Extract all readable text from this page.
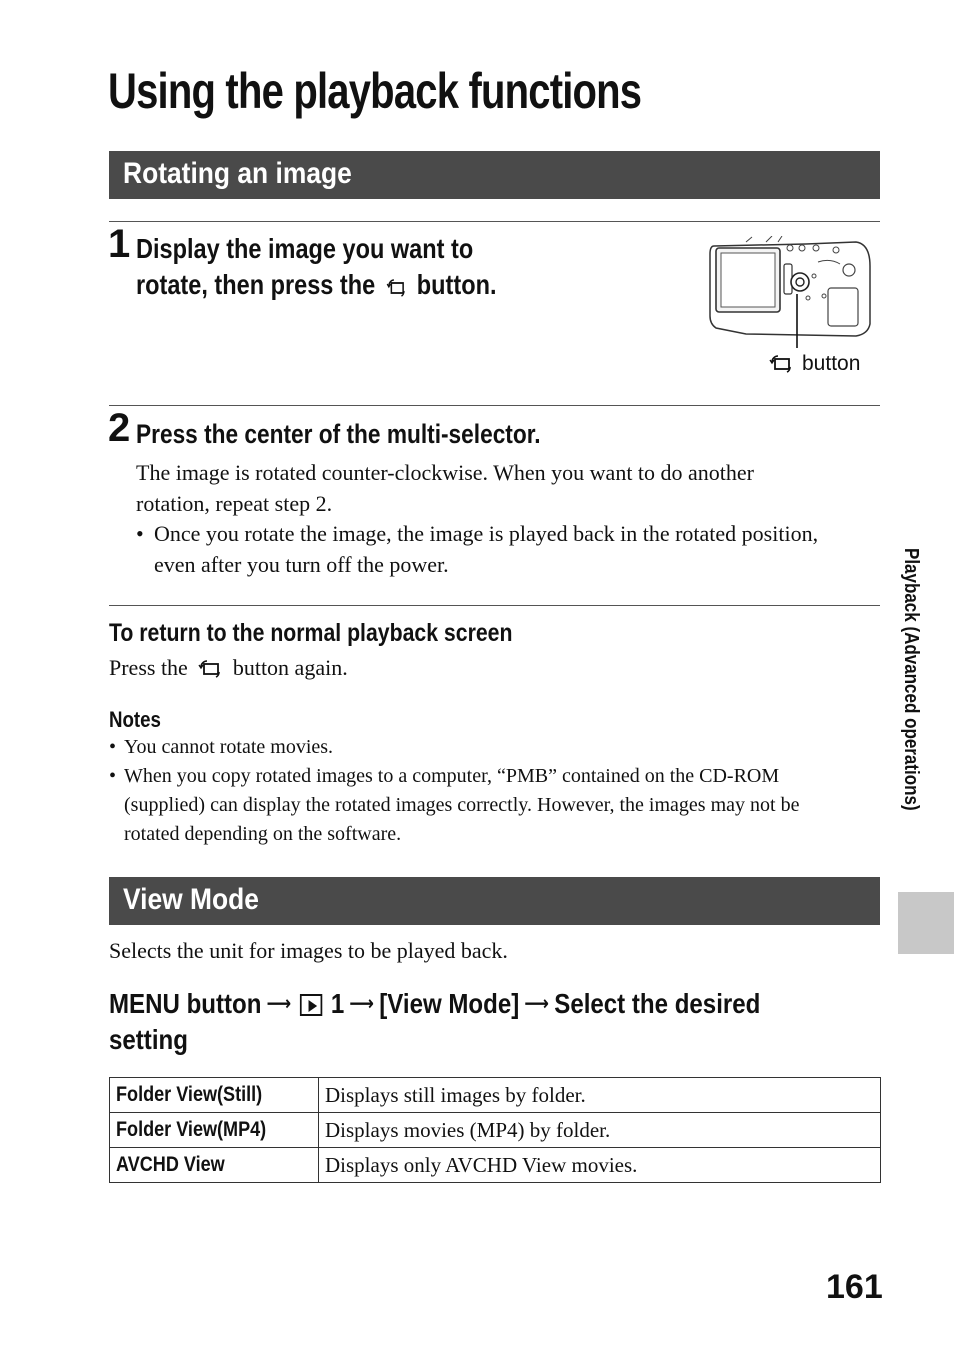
Using the playback functions
Rotating an image
1 Display the image you want to
rotate, then press the button.
button
2 Press the center of the multi-selector.
The image is rotated counter-clockwise. When you want to do another
rotation, repeat step 2.
• Once you rotate the image, the image is played back in the rotated position,
even after you turn off the power.
To return to the normal playback screen
Press the button again.
Notes
• You cannot rotate movies.
• When you copy rotated images to a computer, “PMB” contained on the CD-ROM
(supplied) can display the rotated images correctly. However, the images may not be
rotated depending on the software.
View Mode
Selects the unit for images to be played back.
MENU button ⟶ 1 ⟶ [View Mode] ⟶ Select the desired
setting
Folder View(Still)	Displays still images by folder.
Folder View(MP4)	Displays movies (MP4) by folder.
AVCHD View	Displays only AVCHD View movies.
Playback (Advanced operations)
161
